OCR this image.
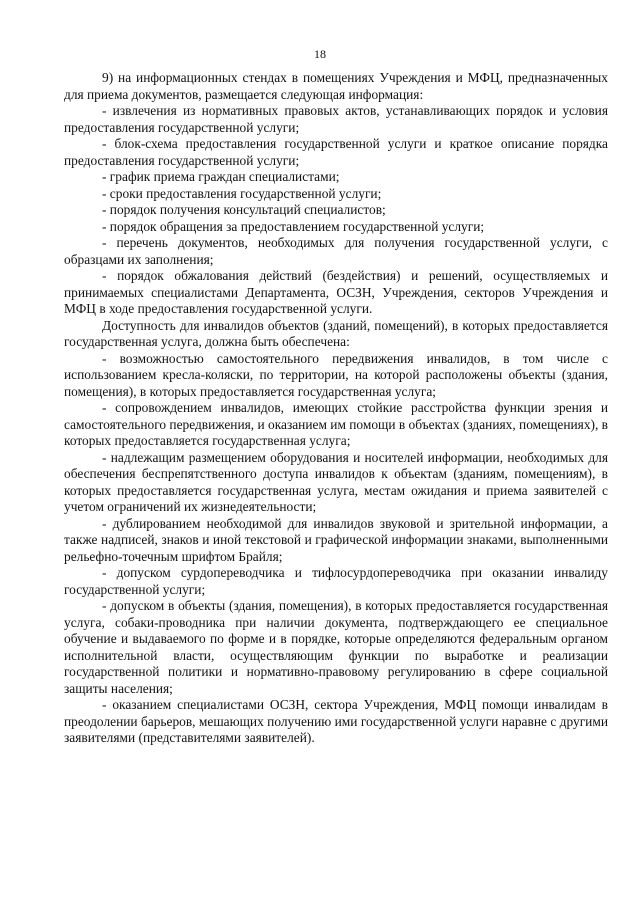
18

9) на информационных стендах в помещениях Учреждения и МФЦ, предназначенных для приема документов, размещается следующая информация:

- извлечения из нормативных правовых актов, устанавливающих порядок и условия предоставления государственной услуги;

- блок-схема предоставления государственной услуги и краткое описание порядка предоставления государственной услуги;

- график приема граждан специалистами;

- сроки предоставления государственной услуги;

- порядок получения консультаций специалистов;

- порядок обращения за предоставлением государственной услуги;

- перечень документов, необходимых для получения государственной услуги, с образцами их заполнения;

- порядок обжалования действий (бездействия) и решений, осуществляемых и принимаемых специалистами Департамента, ОСЗН, Учреждения, секторов Учреждения и МФЦ в ходе предоставления государственной услуги.

Доступность для инвалидов объектов (зданий, помещений), в которых предоставляется государственная услуга, должна быть обеспечена:

- возможностью самостоятельного передвижения инвалидов, в том числе с использованием кресла-коляски, по территории, на которой расположены объекты (здания, помещения), в которых предоставляется государственная услуга;

- сопровождением инвалидов, имеющих стойкие расстройства функции зрения и самостоятельного передвижения, и оказанием им помощи в объектах (зданиях, помещениях), в которых предоставляется государственная услуга;

- надлежащим размещением оборудования и носителей информации, необходимых для обеспечения беспрепятственного доступа инвалидов к объектам (зданиям, помещениям), в которых предоставляется государственная услуга, местам ожидания и приема заявителей с учетом ограничений их жизнедеятельности;

- дублированием необходимой для инвалидов звуковой и зрительной информации, а также надписей, знаков и иной текстовой и графической информации знаками, выполненными рельефно-точечным шрифтом Брайля;

- допуском сурдопереводчика и тифлосурдопереводчика при оказании инвалиду государственной услуги;

- допуском в объекты (здания, помещения), в которых предоставляется государственная услуга, собаки-проводника при наличии документа, подтверждающего ее специальное обучение и выдаваемого по форме и в порядке, которые определяются федеральным органом исполнительной власти, осуществляющим функции по выработке и реализации государственной политики и нормативно-правовому регулированию в сфере социальной защиты населения;

- оказанием специалистами ОСЗН, сектора Учреждения, МФЦ помощи инвалидам в преодолении барьеров, мешающих получению ими государственной услуги наравне с другими заявителями (представителями заявителей).
